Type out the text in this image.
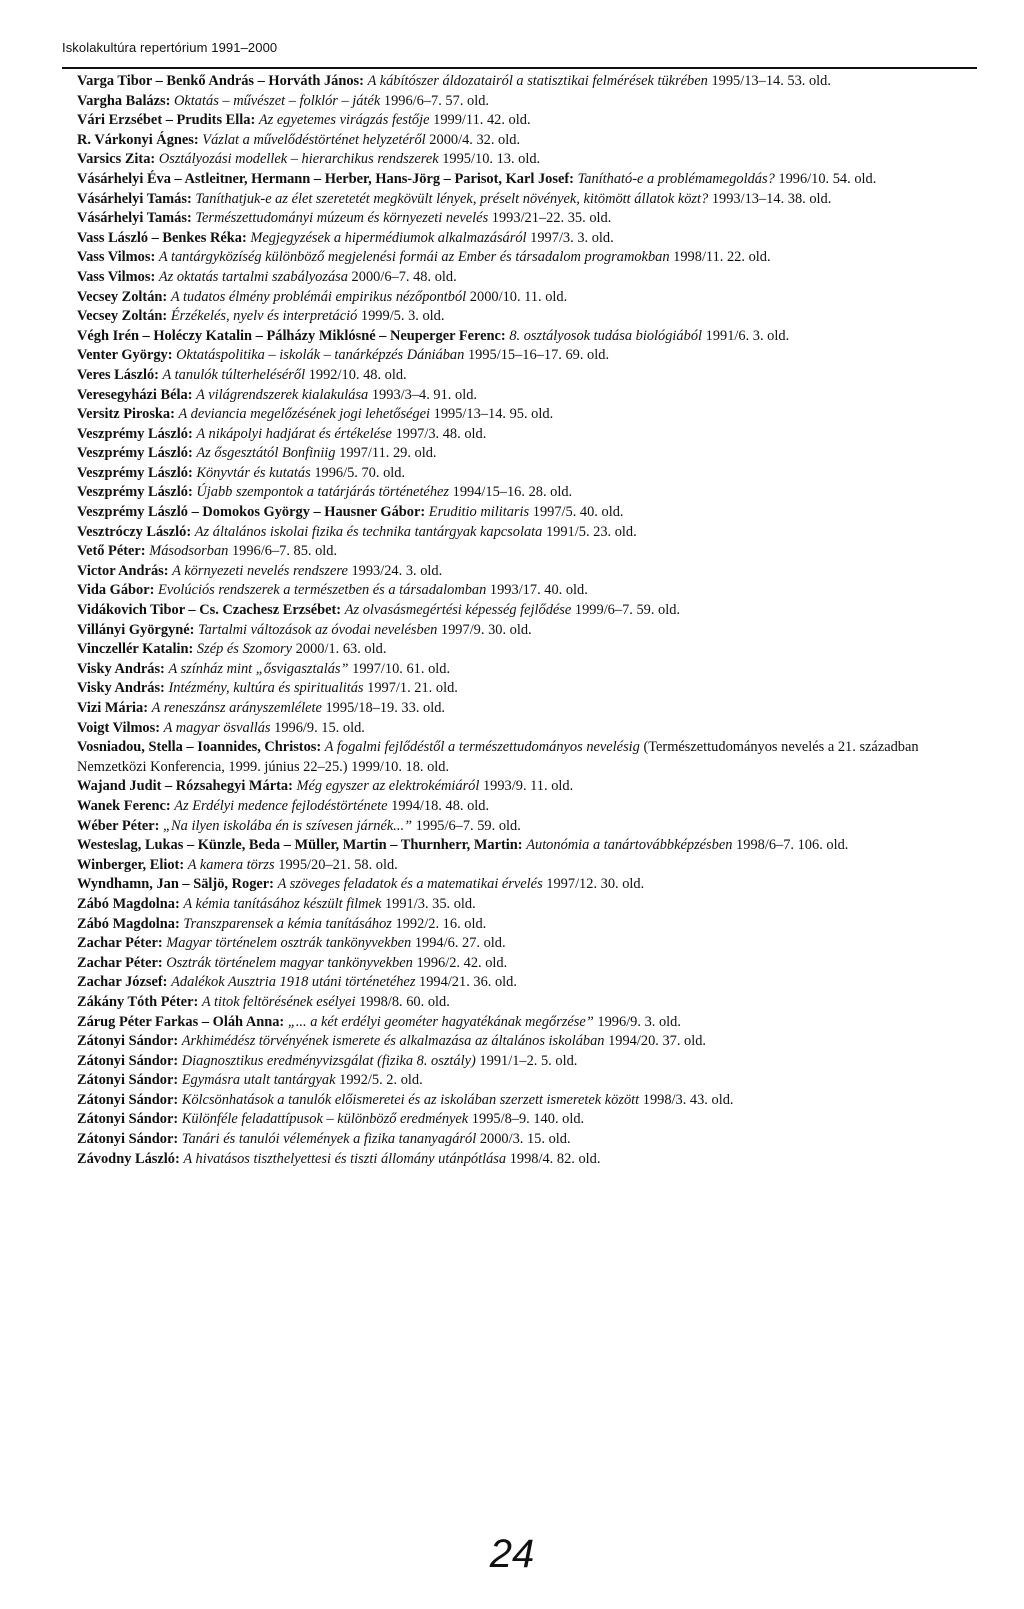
Iskolakultúra repertórium 1991–2000

Varga Tibor – Benkő András – Horváth János: A kábítószer áldozatairól a statisztikai felmérések tükrében 1995/13–14. 53. old.

Vargha Balázs: Oktatás – művészet – folklór – játék 1996/6–7. 57. old.

Vári Erzsébet – Prudits Ella: Az egyetemes virágzás festője 1999/11. 42. old.

R. Várkonyi Ágnes: Vázlat a művelődéstörténet helyzetéről 2000/4. 32. old.

Varsics Zita: Osztályozási modellek – hierarchikus rendszerek 1995/10. 13. old.

Vásárhelyi Éva – Astleitner, Hermann – Herber, Hans-Jörg – Parisot, Karl Josef: Tanítható-e a problémamegoldás? 1996/10. 54. old.

Vásárhelyi Tamás: Taníthatjuk-e az élet szeretetét megkövült lények, préselt növények, kitömött állatok közt? 1993/13–14. 38. old.

Vásárhelyi Tamás: Természettudományi múzeum és környezeti nevelés 1993/21–22. 35. old.

Vass László – Benkes Réka: Megjegyzések a hipermédiumok alkalmazásáról 1997/3. 3. old.

Vass Vilmos: A tantárgyközíség különböző megjelenési formái az Ember és társadalom programokban 1998/11. 22. old.

Vass Vilmos: Az oktatás tartalmi szabályozása 2000/6–7. 48. old.

Vecsey Zoltán: A tudatos élmény problémái empirikus nézőpontból 2000/10. 11. old.

Vecsey Zoltán: Érzékelés, nyelv és interpretáció 1999/5. 3. old.

Végh Irén – Holéczy Katalin – Pálházy Miklósné – Neuperger Ferenc: 8. osztályosok tudása biológiából 1991/6. 3. old.

Venter György: Oktatáspolitika – iskolák – tanárképzés Dániában 1995/15–16–17. 69. old.

Veres László: A tanulók túlterheléséről 1992/10. 48. old.

Veresegyházi Béla: A világrendszerek kialakulása 1993/3–4. 91. old.

Versitz Piroska: A deviancia megelőzésének jogi lehetőségei 1995/13–14. 95. old.

Veszprémy László: A nikápolyi hadjárat és értékelése 1997/3. 48. old.

Veszprémy László: Az ősgesztától Bonfiniig 1997/11. 29. old.

Veszprémy László: Könyvtár és kutatás 1996/5. 70. old.

Veszprémy László: Újabb szempontok a tatárjárás történetéhez 1994/15–16. 28. old.

Veszprémy László – Domokos György – Hausner Gábor: Eruditio militaris 1997/5. 40. old.

Vesztróczy László: Az általános iskolai fizika és technika tantárgyak kapcsolata 1991/5. 23. old.

Vető Péter: Másodsorban 1996/6–7. 85. old.

Victor András: A környezeti nevelés rendszere 1993/24. 3. old.

Vida Gábor: Evolúciós rendszerek a természetben és a társadalomban 1993/17. 40. old.

Vidákovich Tibor – Cs. Czachesz Erzsébet: Az olvasásmegértési képesség fejlődése 1999/6–7. 59. old.

Villányi Györgyné: Tartalmi változások az óvodai nevelésben 1997/9. 30. old.

Vinczellér Katalin: Szép és Szomory 2000/1. 63. old.

Visky András: A színház mint „ősvigasztalás” 1997/10. 61. old.

Visky András: Intézmény, kultúra és spiritualitás 1997/1. 21. old.

Vizi Mária: A reneszánsz arányszemlélete 1995/18–19. 33. old.

Voigt Vilmos: A magyar ösvallás 1996/9. 15. old.

Vosniadou, Stella – Ioannides, Christos: A fogalmi fejlődéstől a természettudományos nevelésig (Természettudományos nevelés a 21. században Nemzetközi Konferencia, 1999. június 22–25.) 1999/10. 18. old.

Wajand Judit – Rózsahegyi Márta: Még egyszer az elektrokémiáról 1993/9. 11. old.

Wanek Ferenc: Az Erdélyi medence fejlodéstörténete 1994/18. 48. old.

Wéber Péter: „Na ilyen iskolába én is szívesen járnék...” 1995/6–7. 59. old.

Westeslag, Lukas – Künzle, Beda – Müller, Martin – Thurnherr, Martin: Autonómia a tanártovábbképzésben 1998/6–7. 106. old.

Winberger, Eliot: A kamera törzs 1995/20–21. 58. old.

Wyndhamn, Jan – Säljö, Roger: A szöveges feladatok és a matematikai érvelés 1997/12. 30. old.

Zábó Magdolna: A kémia tanításához készült filmek 1991/3. 35. old.

Zábó Magdolna: Transzparensek a kémia tanításához 1992/2. 16. old.

Zachar Péter: Magyar történelem osztrák tankönyvekben 1994/6. 27. old.

Zachar Péter: Osztrák történelem magyar tankönyvekben 1996/2. 42. old.

Zachar József: Adalékok Ausztria 1918 utáni történetéhez 1994/21. 36. old.

Zákány Tóth Péter: A titok feltörésének esélyei 1998/8. 60. old.

Zárug Péter Farkas – Oláh Anna: „... a két erdélyi geométer hagyatékának megőrzése” 1996/9. 3. old.

Zátonyi Sándor: Arkhimédész törvényének ismerete és alkalmazása az általános iskolában 1994/20. 37. old.

Zátonyi Sándor: Diagnosztikus eredményvizsgálat (fizika 8. osztály) 1991/1–2. 5. old.

Zátonyi Sándor: Egymásra utalt tantárgyak 1992/5. 2. old.

Zátonyi Sándor: Kölcsönhatások a tanulók előismeretei és az iskolában szerzett ismeretek között 1998/3. 43. old.

Zátonyi Sándor: Különféle feladattípusok – különböző eredmények 1995/8–9. 140. old.

Zátonyi Sándor: Tanári és tanulói vélemények a fizika tananyagáról 2000/3. 15. old.

Závodny László: A hivatásos tiszthelyettesi és tiszti állomány utánpótlása 1998/4. 82. old.

24
